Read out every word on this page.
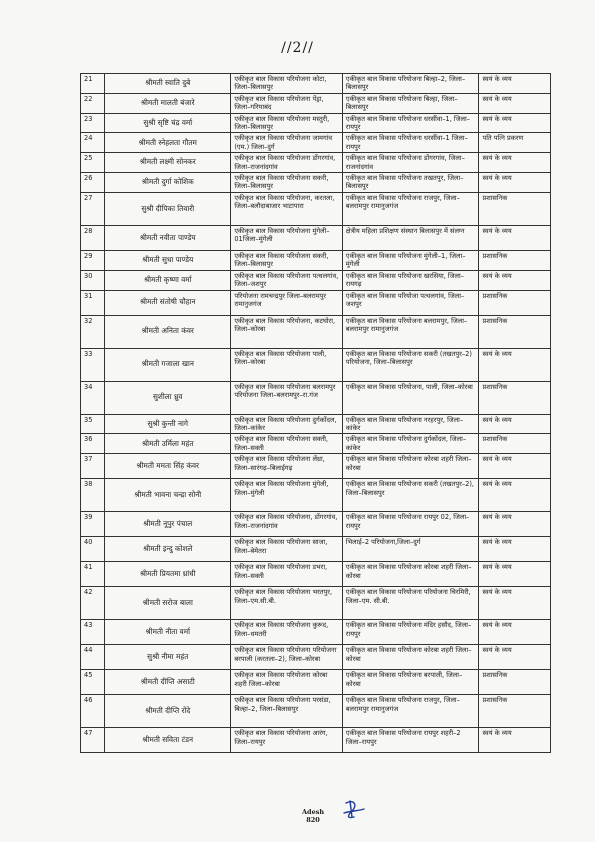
//2//
21	श्रीमती स्वाति दुबे	एकीकृत बाल विकास परियोजना कोटा, जिला–बिलासपुर	एकीकृत बाल विकास परियोजना बिल्हा–2, जिला–बिलासपुर	स्वयं के व्यय
22	श्रीमती मालती बंजारे	एकीकृत बाल विकास परियोजना पेंड्रा, जिला–गरियाबंद	एकीकृत बाल विकास परियोजना बिल्हा, जिला–बिलासपुर	स्वयं के व्यय
23	सुश्री सृष्टि चंद्र वर्मा	एकीकृत बाल विकास परियोजना मस्तुरी, जिला–बिलासपुर	एकीकृत बाल विकास परियोजना धरसींवा–1, जिला–रायपुर	स्वयं के व्यय
24	श्रीमती स्नेहलता गौतम	एकीकृत बाल विकास परियोजना जामगांव (एम.) जिला–दुर्ग	एकीकृत बाल विकास परियोजना धरसींवा–1 जिला–रायपुर	पति पत्नि प्रकरण
25	श्रीमती लक्ष्मी सोनकर	एकीकृत बाल विकास परियोजना डोंगरगांव, जिला–राजनांदगांव	एकीकृत बाल विकास परियोजना डोंगरगांव, जिला–राजनांदगांव	स्वयं के व्यय
26	श्रीमती दुर्गा कोशिक	एकीकृत बाल विकास परियोजना सकरी, जिला–बिलासपुर	एकीकृत बाल विकास परियोजना तखतपुर, जिला–बिलासपुर	स्वयं के व्यय
27	सुश्री दीपिका तिवारी	एकीकृत बाल विकास परियोजना, करतला, जिला–बलौदाबाजार भाटापारा	एकीकृत बाल विकास परियोजना राजपुर, जिला–बलरामपुर रामानुजगंज	प्रशासनिक
28	श्रीमती नवीता पाण्डेय	एकीकृत बाल विकास परियोजना मुंगेली–01जिला–मुंगेली	क्षेत्रीय महिला प्रशिक्षण संस्थान बिलासपुर में संलग्न	स्वयं के व्यय
29	श्रीमती सुधा पाण्डेय	एकीकृत बाल विकास परियोजना सकरी, जिला–बिलासपुर	एकीकृत बाल विकास परियोजना मुंगेली–1, जिला–मुंगेली	प्रशासनिक
30	श्रीमती कृष्णा वर्मा	एकीकृत बाल विकास परियोजना पत्थलगांव, जिला–जशपुर	एकीकृत बाल विकास परियोजना खरसिया, जिला–रायगढ़	स्वयं के व्यय
31	श्रीमती संतोषी चौहान	परियोजना रामचन्द्रपुर जिला–बलरामपुर रामानुजगंज	एकीकृत बाल विकास परियोजा पत्थलगांव, जिला–जशपुर	प्रशासनिक
32	श्रीमती अनिता कंवर	एकीकृत बाल विकास परियोजना, कटघोरा, जिला–कोरबा	एकीकृत बाल विकास परियोजना बलरामपुर, जिला–बलरामपुर रामानुजगंज	प्रशासनिक
33	श्रीमती गजाला खान	एकीकृत बाल विकास परियोजना पाली, जिला–कोरबा	एकीकृत बाल विकास परियोजना सकरी (तखतपुर–2) परियोजना, जिला–बिलासपुर	स्वयं के व्यय
34	सुशीला ध्रुव	एकीकृत बाल विकास परियोजना बलरामपुर परियोजना जिला–बलरामपुर–रा.गंज	एकीकृत बाल विकास परियोजना, पाली, जिला–कोरबा	प्रशासनिक
35	सुश्री कुन्ती नागे	एकीकृत बाल विकास परियोजना दुर्गकोंदल, जिला–कांकेर	एकीकृत बाल विकास परियोजना नरहरपुर, जिला–कांकेर	स्वयं के व्यय
36	श्रीमती उर्मिला महंत	एकीकृत बाल विकास परियोजना सक्ती, जिला–सक्ती	एकीकृत बाल विकास परियोजना दुर्गकोंदल, जिला–कांकेर	प्रशासनिक
37	श्रीमती ममता सिंह कंवर	एकीकृत बाल विकास परियोजना लेंध्रा, जिला–सारंगढ़–बिलाईगढ़	एकीकृत बाल विकास परियोजना कोरबा शहरी जिला–कोरबा	स्वयं के व्यय
38	श्रीमती भावना चन्द्रा सोनी	एकीकृत बाल विकास परियोजना मुंगेली, जिला–मुंगेली	एकीकृत बाल विकास परियोजना सकरी (तखतपुर–2), जिला–बिलासपुर	स्वयं के व्यय
39	श्रीमती नूपुर पंचाल	एकीकृत बाल विकास परियोजना, डोंगरगांव, जिला–राजनांदगांव	एकीकृत बाल विकास परियोजना रायपुर 02, जिला–रायपुर	स्वयं के व्यय
40	श्रीमती इन्दु कोशले	एकीकृत बाल विकास परियोजना साजा, जिला–बेमेतरा	भिलाई–2 परियोजना,जिला–दुर्ग	स्वयं के व्यय
41	श्रीमती प्रियतमा ध्रांधी	एकीकृत बाल विकास परियोजना डभरा, जिला–सक्ती	एकीकृत बाल विकास परियोजना कोरबा शहरी जिला–कोरबा	स्वयं के व्यय
42	श्रीमती सरोज बाला	एकीकृत बाल विकास परियोजना भरतपुर, जिला–एम.सी.बी.	एकीकृत बाल विकास परियोजना परियोजना चिरमिरी, जिला–एम. सी.बी.	स्वयं के व्यय
43	श्रीमती नीता वर्मा	एकीकृत बाल विकास परियोजना कुरूद, जिला–धमतरी	एकीकृत बाल विकास परियोजना मंदिर हसौद, जिला–रायपुर	स्वयं के व्यय
44	सुश्री नीमा महंत	एकीकृत बाल विकास परियोजना परियोजना बरपाली (करतला–2), जिला–कोरबा	एकीकृत बाल विकास परियोजना कोरबा शहरी जिला–कोरबा	स्वयं के व्यय
45	श्रीमती दीप्ति असाटी	एकीकृत बाल विकास परियोजना कोरबा शहरी जिला–कोरबा	एकीकृत बाल विकास परियोजना बरपाली, जिला–कोरबा	प्रशासनिक
46	श्रीमती दीप्ति रोंदे	एकीकृत बाल विकास परियोजना परसंडा, बिल्हा–2, जिला–बिलासपुर	एकीकृत बाल विकास परियोजना राजपुर, जिला–बलरामपुर रामानुजगंज	प्रशासनिक
47	श्रीमती सविता टंडन	एकीकृत बाल विकास परियोजना आरंग, जिला–रायपुर	एकीकृत बाल विकास परियोजना रायपुर शहरी–2 जिला–रायपुर	स्वयं के व्यय
Adesh
820
